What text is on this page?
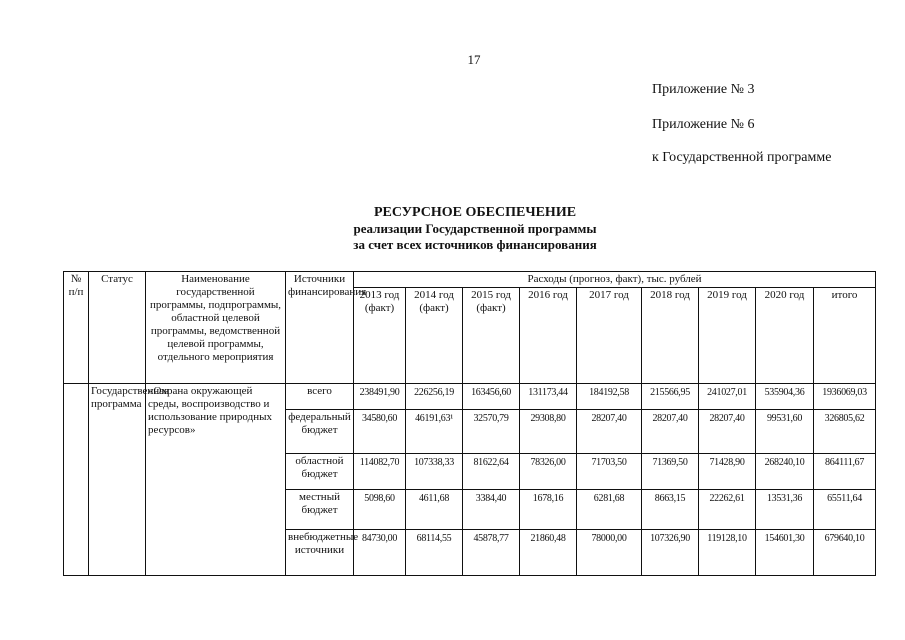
17
Приложение № 3
Приложение № 6
к Государственной программе
РЕСУРСНОЕ ОБЕСПЕЧЕНИЕ
реализации Государственной программы
за счет всех источников финансирования
№ п/п	Статус	Наименование государственной программы, подпрограммы, областной целевой программы, ведомственной целевой программы, отдельного мероприятия	Источники финансирования	Расходы (прогноз, факт), тыс. рублей								
				2013 год (факт)	2014 год (факт)	2015 год (факт)	2016 год	2017 год	2018 год	2019 год	2020 год	итого
	Государственная программа	«Охрана окружающей среды, воспроизводство и использование природных ресурсов»	всего	238491,90	226256,19	163456,60	131173,44	184192,58	215566,95	241027,01	535904,36	1936069,03
			федеральный бюджет	34580,60	46191,63¹	32570,79	29308,80	28207,40	28207,40	28207,40	99531,60	326805,62
			областной бюджет	114082,70	107338,33	81622,64	78326,00	71703,50	71369,50	71428,90	268240,10	864111,67
			местный бюджет	5098,60	4611,68	3384,40	1678,16	6281,68	8663,15	22262,61	13531,36	65511,64
			внебюджетные источники	84730,00	68114,55	45878,77	21860,48	78000,00	107326,90	119128,10	154601,30	679640,10
